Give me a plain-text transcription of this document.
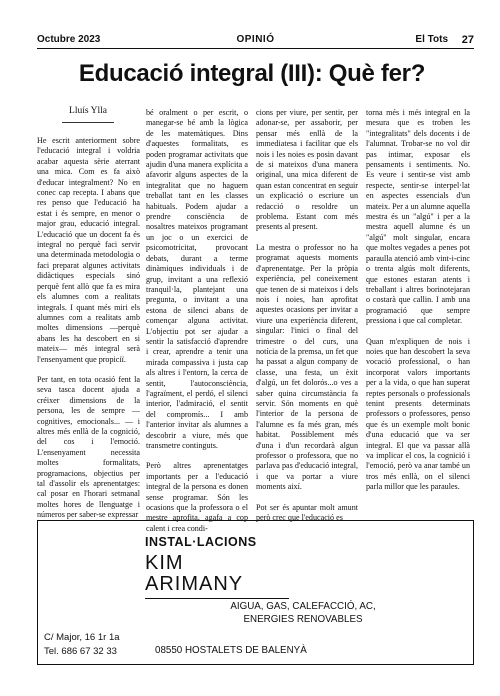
Octubre 2023	OPINIÓ	El Tots 27
Educació integral (III): Què fer?
Lluís Ylla

He escrit anteriorment sobre l'educació integral i voldria acabar aquesta sèrie aterrant una mica. Com es fa això d'educar integralment? No en conec cap recepta. I abans que res penso que l'educació ha estat i és sempre, en menor o major grau, educació integral. L'educació que un docent fa és integral no perquè faci servir una determinada metodologia o faci preparat algunes activitats didàctiques especials sinó perquè fent allò que fa es mira els alumnes com a realitats integrals. I quant més miri els alumnes com a realitats amb moltes dimensions —perquè abans les ha descobert en si mateix— més integral serà l'ensenyament que propiciï.

Per tant, en tota ocasió fent la seva tasca docent ajuda a créixer dimensions de la persona, les de sempre — cognitives, emocionals... — i altres més enllà de la cognició, del cos i l'emoció. L'ensenyament necessita moltes formalitats, programacions, objectius per tal d'assolir els aprenentatges: cal posar en l'horari setmanal moltes hores de llenguatge i números per saber-se expressar

bé oralment o per escrit, o manegar-se bé amb la lògica de les matemàtiques. Dins d'aquestes formalitats, es poden programar activitats que ajudin d'una manera explícita a afavorir alguns aspectes de la integralitat que no haguem treballat tant en les classes habituals. Podem ajudar a prendre consciència de nosaltres mateixos programant un joc o un exercici de psicomotricitat, provocant debats, durant a terme dinàmiques individuals i de grup, invitant a una reflexió tranquil·la, plantejant una pregunta, o invitant a una estona de silenci abans de començar alguna activitat. L'objectiu pot ser ajudar a sentir la satisfacció d'aprendre i crear, aprendre a tenir una mirada compassiva i justa cap als altres i l'entorn, la cerca de sentit, l'autoconsciència, l'agraïment, el perdó, el silenci interior, l'admiració, el sentit del compromís... I amb l'anterior invitar als alumnes a descobrir a viure, més que transmetre continguts.

Però altres aprenentatges importants per a l'educació integral de la persona es donen sense programar. Són les ocasions que la professora o el mestre aprofita, agafa a cop calent i crea condi-

cions per viure, per sentir, per adonar-se, per assaborir, per pensar més enllà de la immediatesa i facilitar que els nois i les noies es posin davant de si mateixos d'una manera original, una mica diferent de quan estan concentrat en seguir un explicació o escriure un redacció o resoldre un problema. Estant com més presents al present.

La mestra o professor no ha programat aquests moments d'aprenentatge. Per la pròpia experiència, pel coneixement que tenen de si mateixos i dels nois i noies, han aprofitat aquestes ocasions per invitar a viure una experiència diferent, singular: l'inici o final del trimestre o del curs, una notícia de la premsa, un fet que ha passat a algun company de classe, una festa, un èxit d'algú, un fet dolorós...o ves a saber quina circumstància fa servir. Són moments en què l'interior de la persona de l'alumne es fa més gran, més habitat. Possiblement més d'una i d'un recordarà algun professor o professora, que no parlava pas d'educació integral, i que va portar a viure moments així.

Pot ser és apuntar molt amunt però crec que l'educació es

torna més i més integral en la mesura que es troben les "integralitats" dels docents i de l'alumnat. Trobar-se no vol dir pas intimar, exposar els pensaments i sentiments. No. Es veure i sentir-se vist amb respecte, sentir-se interpel·lat en aspectes essencials d'un mateix. Per a un alumne aquella mestra és un "algú" i per a la mestra aquell alumne és un "algú" molt singular, encara que moltes vegades a penes pot paraulla atenció amb vint-i-cinc o trenta algús molt diferents, que estones estaran atents i treballant i altres borinotejaran o costarà que callin. I amb una programació que sempre pressiona i que cal completar.

Quan m'expliquen de nois i noies que han descobert la seva vocació professional, o han incorporat valors importants per a la vida, o que han superat reptes personals o professionals tenint presents determinats professors o professores, penso que és un exemple molt bonic d'una educació que va ser integral. El que va passar allà va implicar el cos, la cognició i l'emoció, però va anar també un tros més enllà, on el silenci parla millor que les paraules.

INSTAL·LACIONS
KIM
ARIMANY
AIGUA, GAS, CALEFACCIÓ, AC,
ENERGIES RENOVABLES
C/ Major, 16 1r 1a
Tel. 686 67 32 33	08550 HOSTALETS DE BALENYÀ
